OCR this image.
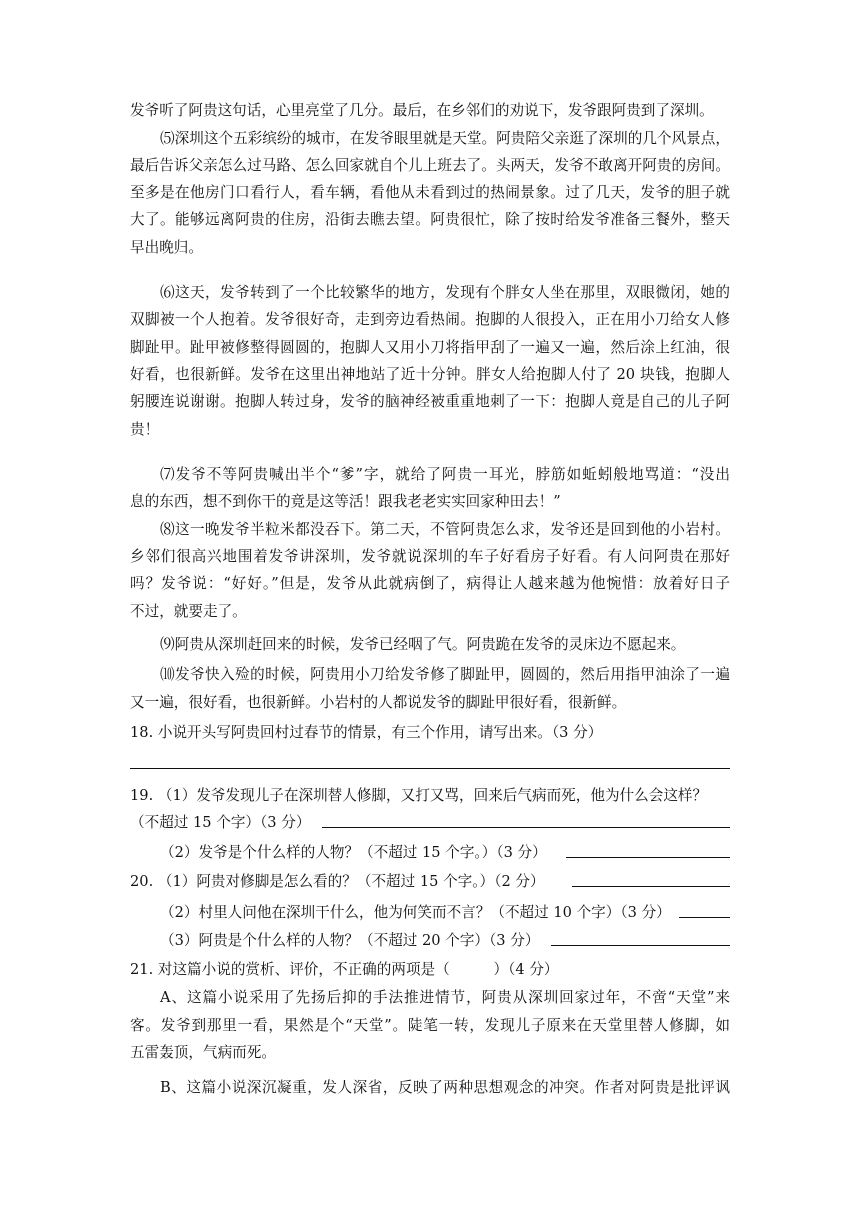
发爷听了阿贵这句话，心里亮堂了几分。最后，在乡邻们的劝说下，发爷跟阿贵到了深圳。
⑸深圳这个五彩缤纷的城市，在发爷眼里就是天堂。阿贵陪父亲逛了深圳的几个风景点，
最后告诉父亲怎么过马路、怎么回家就自个儿上班去了。头两天，发爷不敢离开阿贵的房间。
至多是在他房门口看行人，看车辆，看他从未看到过的热闹景象。过了几天，发爷的胆子就
大了。能够远离阿贵的住房，沿街去瞧去望。阿贵很忙，除了按时给发爷准备三餐外，整天
早出晚归。
⑹这天，发爷转到了一个比较繁华的地方，发现有个胖女人坐在那里，双眼微闭，她的
双脚被一个人抱着。发爷很好奇，走到旁边看热闹。抱脚的人很投入，正在用小刀给女人修
脚趾甲。趾甲被修整得圆圆的，抱脚人又用小刀将指甲刮了一遍又一遍，然后涂上红油，很
好看，也很新鲜。发爷在这里出神地站了近十分钟。胖女人给抱脚人付了 20 块钱，抱脚人
躬腰连说谢谢。抱脚人转过身，发爷的脑神经被重重地刺了一下：抱脚人竟是自己的儿子阿
贵！
⑺发爷不等阿贵喊出半个“爹”字，就给了阿贵一耳光，脖筋如蚯蚓般地骂道：“没出
息的东西，想不到你干的竟是这等活！跟我老老实实回家种田去！”
⑻这一晚发爷半粒米都没吞下。第二天，不管阿贵怎么求，发爷还是回到他的小岩村。
乡邻们很高兴地围着发爷讲深圳，发爷就说深圳的车子好看房子好看。有人问阿贵在那好
吗？发爷说：“好好。”但是，发爷从此就病倒了，病得让人越来越为他惋惜：放着好日子
不过，就要走了。
⑼阿贵从深圳赶回来的时候，发爷已经咽了气。阿贵跪在发爷的灵床边不愿起来。
⑽发爷快入殓的时候，阿贵用小刀给发爷修了脚趾甲，圆圆的，然后用指甲油涂了一遍
又一遍，很好看，也很新鲜。小岩村的人都说发爷的脚趾甲很好看，很新鲜。
18. 小说开头写阿贵回村过春节的情景，有三个作用，请写出来。（3 分）
19. （1）发爷发现儿子在深圳替人修脚，又打又骂，回来后气病而死，他为什么会这样？
（不超过 15 个字）（3 分）
（2）发爷是个什么样的人物？（不超过 15 个字。）（3 分）
20. （1）阿贵对修脚是怎么看的？（不超过 15 个字。）（2 分）
（2）村里人问他在深圳干什么，他为何笑而不言？（不超过 10 个字）（3 分）
（3）阿贵是个什么样的人物？（不超过 20 个字）（3 分）
21. 对这篇小说的赏析、评价，不正确的两项是（　　　）（4 分）
A、这篇小说采用了先扬后抑的手法推进情节，阿贵从深圳回家过年，不啻“天堂”来
客。发爷到那里一看，果然是个“天堂”。陡笔一转，发现儿子原来在天堂里替人修脚，如
五雷轰顶，气病而死。
B、这篇小说深沉凝重，发人深省，反映了两种思想观念的冲突。作者对阿贵是批评讽
